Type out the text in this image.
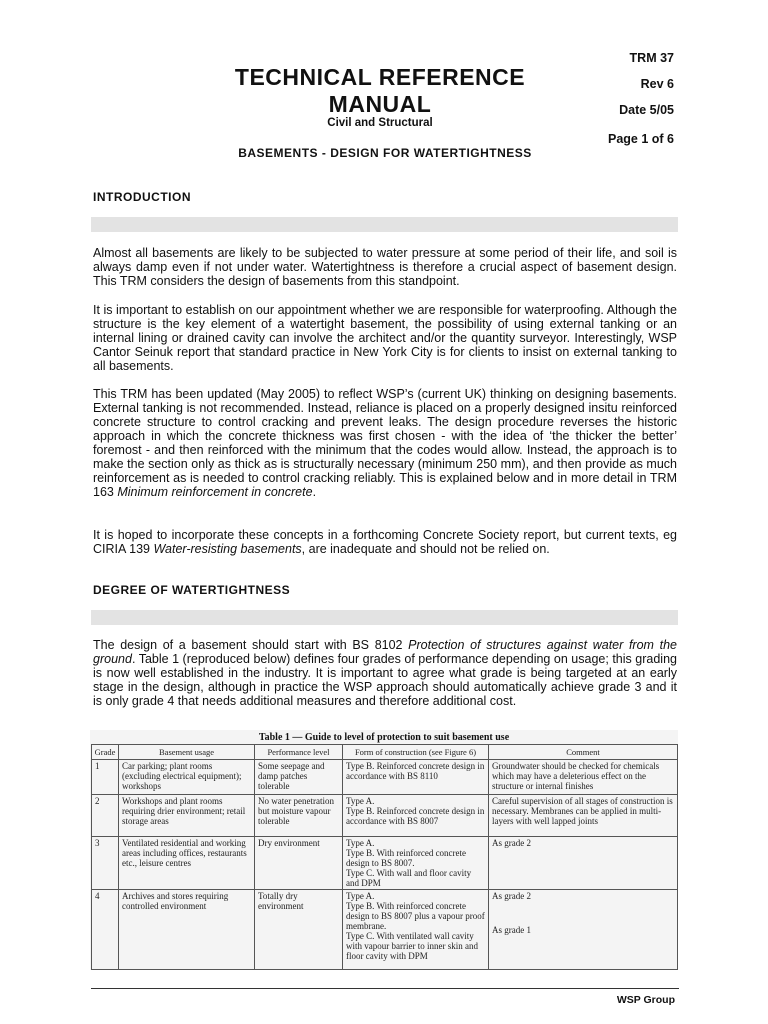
TRM 37
Rev 6
Date 5/05
Page 1 of 6
TECHNICAL REFERENCE
MANUAL
Civil and Structural
BASEMENTS - DESIGN FOR WATERTIGHTNESS
INTRODUCTION

Almost all basements are likely to be subjected to water pressure at some period of their life, and soil is always damp even if not under water. Watertightness is therefore a crucial aspect of basement design. This TRM considers the design of basements from this standpoint.

It is important to establish on our appointment whether we are responsible for waterproofing. Although the structure is the key element of a watertight basement, the possibility of using external tanking or an internal lining or drained cavity can involve the architect and/or the quantity surveyor. Interestingly, WSP Cantor Seinuk report that standard practice in New York City is for clients to insist on external tanking to all basements.

This TRM has been updated (May 2005) to reflect WSP’s (current UK) thinking on designing basements. External tanking is not recommended. Instead, reliance is placed on a properly designed insitu reinforced concrete structure to control cracking and prevent leaks. The design procedure reverses the historic approach in which the concrete thickness was first chosen - with the idea of ‘the thicker the better’ foremost - and then reinforced with the minimum that the codes would allow. Instead, the approach is to make the section only as thick as is structurally necessary (minimum 250 mm), and then provide as much reinforcement as is needed to control cracking reliably. This is explained below and in more detail in TRM 163 Minimum reinforcement in concrete.

It is hoped to incorporate these concepts in a forthcoming Concrete Society report, but current texts, eg CIRIA 139 Water-resisting basements, are inadequate and should not be relied on.

DEGREE OF WATERTIGHTNESS

The design of a basement should start with BS 8102 Protection of structures against water from the ground. Table 1 (reproduced below) defines four grades of performance depending on usage; this grading is now well established in the industry. It is important to agree what grade is being targeted at an early stage in the design, although in practice the WSP approach should automatically achieve grade 3 and it is only grade 4 that needs additional measures and therefore additional cost.

Table 1 — Guide to level of protection to suit basement use
Grade	Basement usage	Performance level	Form of construction (see Figure 6)	Comment
1	Car parking; plant rooms (excluding electrical equipment); workshops	Some seepage and damp patches tolerable	Type B. Reinforced concrete design in accordance with BS 8110	Groundwater should be checked for chemicals which may have a deleterious effect on the structure or internal finishes
2	Workshops and plant rooms requiring drier environment; retail storage areas	No water penetration but moisture vapour tolerable	Type A.
Type B. Reinforced concrete design in accordance with BS 8007	Careful supervision of all stages of construction is necessary. Membranes can be applied in multi-layers with well lapped joints
3	Ventilated residential and working areas including offices, restaurants etc., leisure centres	Dry environment	Type A.
Type B. With reinforced concrete design to BS 8007.
Type C. With wall and floor cavity and DPM	As grade 2
4	Archives and stores requiring controlled environment	Totally dry environment	Type A.
Type B. With reinforced concrete design to BS 8007 plus a vapour proof membrane.
Type C. With ventilated wall cavity with vapour barrier to inner skin and floor cavity with DPM	As grade 2
As grade 1
WSP Group
